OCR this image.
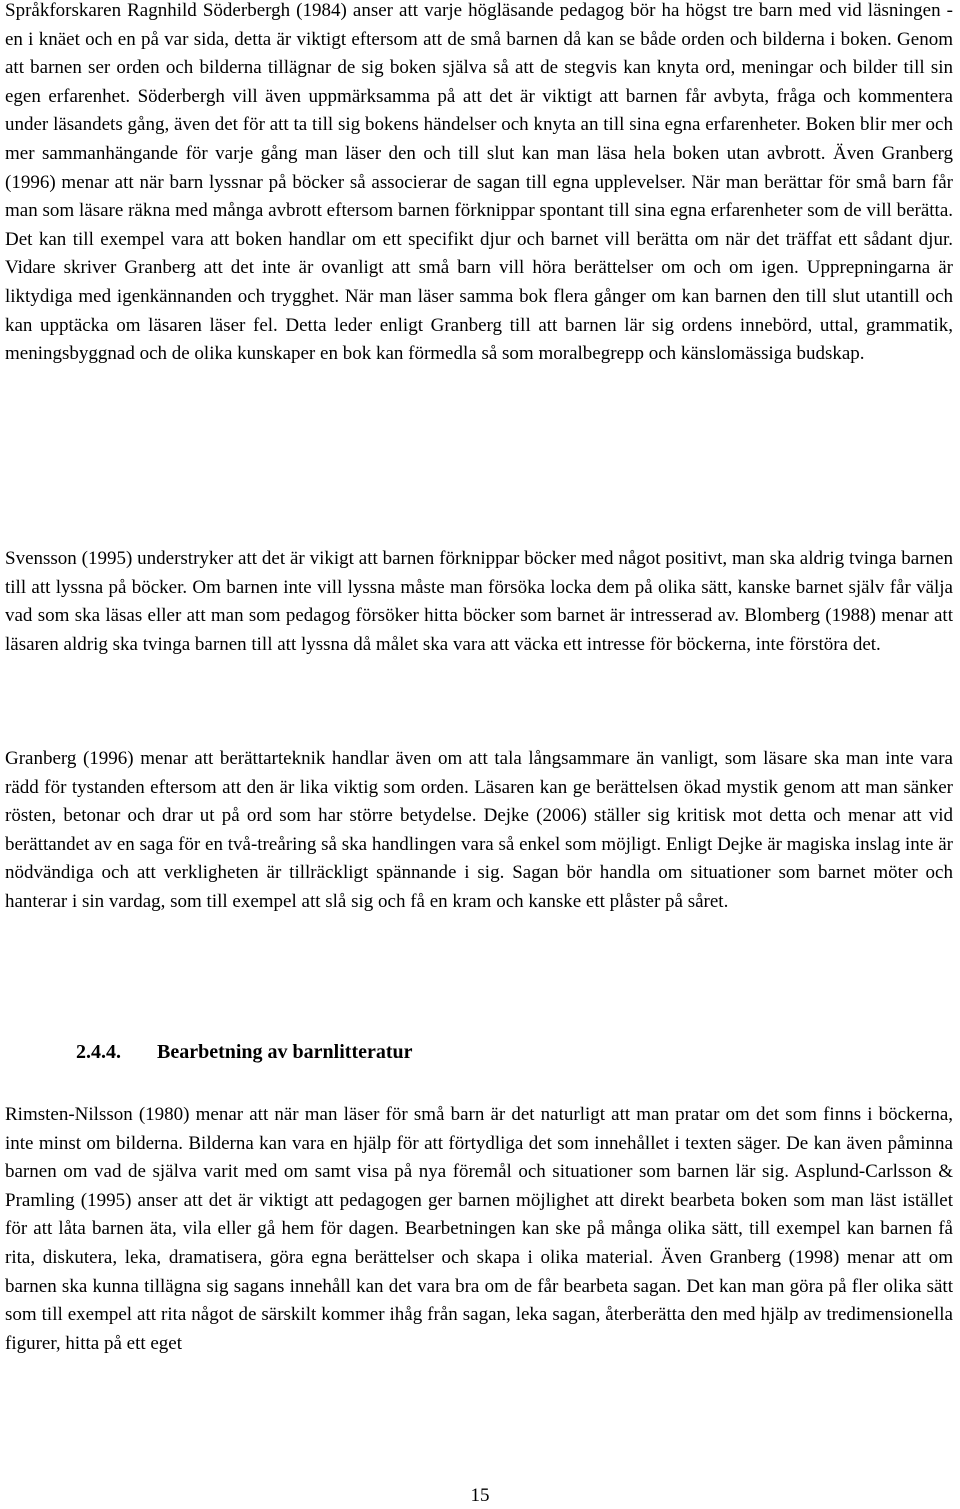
Språkforskaren Ragnhild Söderbergh (1984) anser att varje högläsande pedagog bör ha högst tre barn med vid läsningen - en i knäet och en på var sida, detta är viktigt eftersom att de små barnen då kan se både orden och bilderna i boken. Genom att barnen ser orden och bilderna tillägnar de sig boken själva så att de stegvis kan knyta ord, meningar och bilder till sin egen erfarenhet. Söderbergh vill även uppmärksamma på att det är viktigt att barnen får avbyta, fråga och kommentera under läsandets gång, även det för att ta till sig bokens händelser och knyta an till sina egna erfarenheter. Boken blir mer och mer sammanhängande för varje gång man läser den och till slut kan man läsa hela boken utan avbrott. Även Granberg (1996) menar att när barn lyssnar på böcker så associerar de sagan till egna upplevelser. När man berättar för små barn får man som läsare räkna med många avbrott eftersom barnen förknippar spontant till sina egna erfarenheter som de vill berätta. Det kan till exempel vara att boken handlar om ett specifikt djur och barnet vill berätta om när det träffat ett sådant djur. Vidare skriver Granberg att det inte är ovanligt att små barn vill höra berättelser om och om igen. Upprepningarna är liktydiga med igenkännanden och trygghet. När man läser samma bok flera gånger om kan barnen den till slut utantill och kan upptäcka om läsaren läser fel. Detta leder enligt Granberg till att barnen lär sig ordens innebörd, uttal, grammatik, meningsbyggnad och de olika kunskaper en bok kan förmedla så som moralbegrepp och känslomässiga budskap.

Svensson (1995) understryker att det är vikigt att barnen förknippar böcker med något positivt, man ska aldrig tvinga barnen till att lyssna på böcker. Om barnen inte vill lyssna måste man försöka locka dem på olika sätt, kanske barnet själv får välja vad som ska läsas eller att man som pedagog försöker hitta böcker som barnet är intresserad av. Blomberg (1988) menar att läsaren aldrig ska tvinga barnen till att lyssna då målet ska vara att väcka ett intresse för böckerna, inte förstöra det.

Granberg (1996) menar att berättarteknik handlar även om att tala långsammare än vanligt, som läsare ska man inte vara rädd för tystanden eftersom att den är lika viktig som orden. Läsaren kan ge berättelsen ökad mystik genom att man sänker rösten, betonar och drar ut på ord som har större betydelse. Dejke (2006) ställer sig kritisk mot detta och menar att vid berättandet av en saga för en två-treåring så ska handlingen vara så enkel som möjligt. Enligt Dejke är magiska inslag inte är nödvändiga och att verkligheten är tillräckligt spännande i sig. Sagan bör handla om situationer som barnet möter och hanterar i sin vardag, som till exempel att slå sig och få en kram och kanske ett plåster på såret.

2.4.4. Bearbetning av barnlitteratur

Rimsten-Nilsson (1980) menar att när man läser för små barn är det naturligt att man pratar om det som finns i böckerna, inte minst om bilderna. Bilderna kan vara en hjälp för att förtydliga det som innehållet i texten säger. De kan även påminna barnen om vad de själva varit med om samt visa på nya föremål och situationer som barnen lär sig. Asplund-Carlsson & Pramling (1995) anser att det är viktigt att pedagogen ger barnen möjlighet att direkt bearbeta boken som man läst istället för att låta barnen äta, vila eller gå hem för dagen. Bearbetningen kan ske på många olika sätt, till exempel kan barnen få rita, diskutera, leka, dramatisera, göra egna berättelser och skapa i olika material. Även Granberg (1998) menar att om barnen ska kunna tillägna sig sagans innehåll kan det vara bra om de får bearbeta sagan. Det kan man göra på fler olika sätt som till exempel att rita något de särskilt kommer ihåg från sagan, leka sagan, återberätta den med hjälp av tredimensionella figurer, hitta på ett eget

15
